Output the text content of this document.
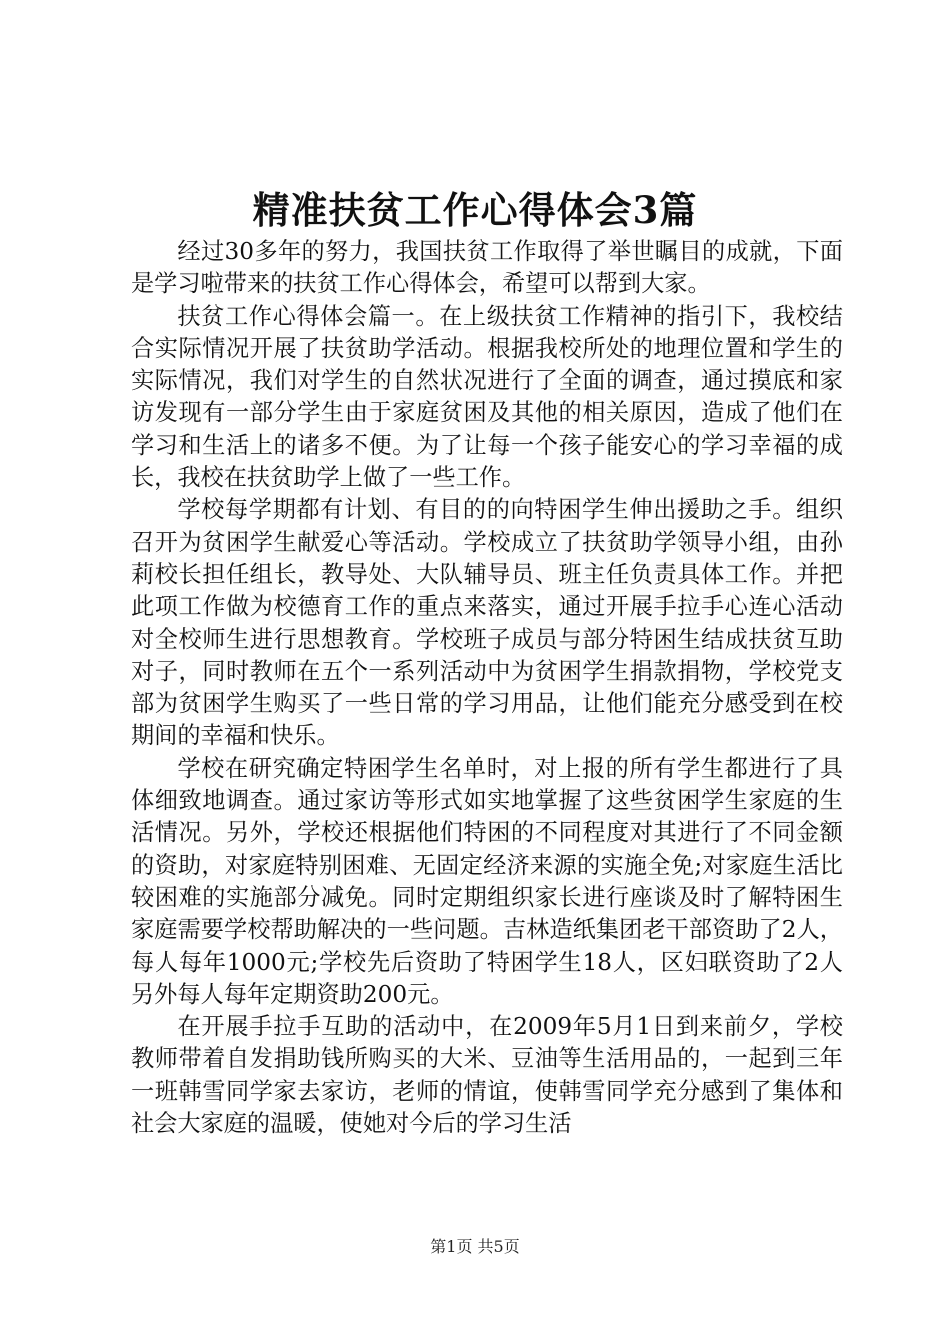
精准扶贫工作心得体会3篇

经过30多年的努力，我国扶贫工作取得了举世瞩目的成就，下面是学习啦带来的扶贫工作心得体会，希望可以帮到大家。

扶贫工作心得体会篇一。在上级扶贫工作精神的指引下，我校结合实际情况开展了扶贫助学活动。根据我校所处的地理位置和学生的实际情况，我们对学生的自然状况进行了全面的调查，通过摸底和家访发现有一部分学生由于家庭贫困及其他的相关原因，造成了他们在学习和生活上的诸多不便。为了让每一个孩子能安心的学习幸福的成长，我校在扶贫助学上做了一些工作。

学校每学期都有计划、有目的的向特困学生伸出援助之手。组织召开为贫困学生献爱心等活动。学校成立了扶贫助学领导小组，由孙莉校长担任组长，教导处、大队辅导员、班主任负责具体工作。并把此项工作做为校德育工作的重点来落实，通过开展手拉手心连心活动对全校师生进行思想教育。学校班子成员与部分特困生结成扶贫互助对子，同时教师在五个一系列活动中为贫困学生捐款捐物，学校党支部为贫困学生购买了一些日常的学习用品，让他们能充分感受到在校期间的幸福和快乐。

学校在研究确定特困学生名单时，对上报的所有学生都进行了具体细致地调查。通过家访等形式如实地掌握了这些贫困学生家庭的生活情况。另外，学校还根据他们特困的不同程度对其进行了不同金额的资助，对家庭特别困难、无固定经济来源的实施全免;对家庭生活比较困难的实施部分减免。同时定期组织家长进行座谈及时了解特困生家庭需要学校帮助解决的一些问题。吉林造纸集团老干部资助了2人，每人每年1000元;学校先后资助了特困学生18人，区妇联资助了2人另外每人每年定期资助200元。

在开展手拉手互助的活动中，在2009年5月1日到来前夕，学校教师带着自发捐助钱所购买的大米、豆油等生活用品的，一起到三年一班韩雪同学家去家访，老师的情谊，使韩雪同学充分感到了集体和社会大家庭的温暖，使她对今后的学习生活

第1页 共5页
